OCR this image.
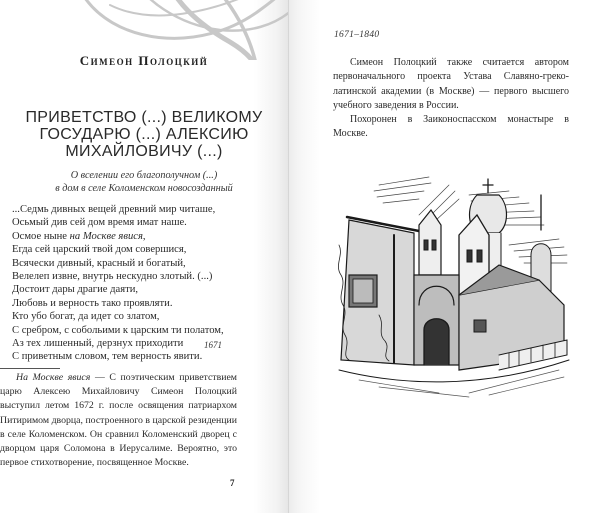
Симеон Полоцкий
ПРИВЕТСТВО (...) ВЕЛИКОМУ
ГОСУДАРЮ (...) АЛЕКСИЮ
МИХАЙЛОВИЧУ (...)
О вселении его благополучном (...)
в дом в селе Коломенском новосозданный
...Седмь дивных вещей древний мир читаше,
Осьмый див сей дом время имат наше.
Осмое ныне на Москве явися,
Егда сей царский твой дом совершися,
Всячески дивный, красный и богатый,
Велелеп извне, внутрь нескудно злотый. (...)
Достоит дары драгие даяти,
Любовь и верность тако проявляти.
Кто убо богат, да идет со златом,
С сребром, с собольими к царским ти полатом,
Аз тех лишенный, дерзнух приходити
С приветным словом, тем верность явити.
1671
На Москве явися — С поэтическим приветствием царю Алексею Михайловичу Симеон Полоцкий выступил летом 1672 г. после освящения патриархом Питиримом дворца, построенного в царской резиденции в селе Коломенском. Он сравнил Коломенский дворец с дворцом царя Соломона в Иерусалиме. Вероятно, это первое стихотворение, посвященное Москве.
7
1671–1840

Симеон Полоцкий также считается автором первоначального проекта Устава Славяно-греко-латинской академии (в Москве) — первого высшего учебного заведения в России.

Похоронен в Заиконоспасском монастыре в Москве.
